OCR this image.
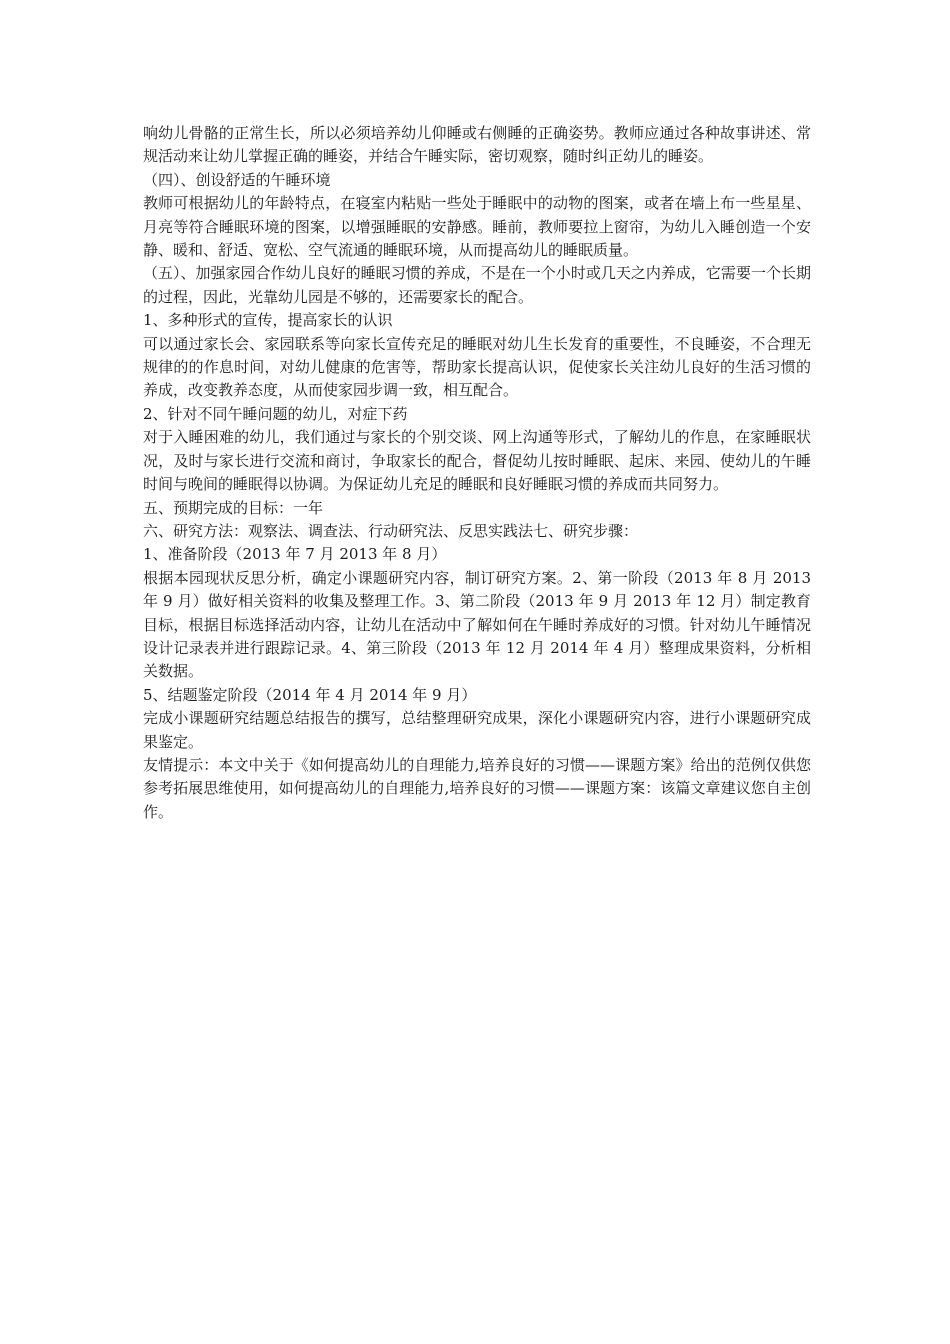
响幼儿骨骼的正常生长，所以必须培养幼儿仰睡或右侧睡的正确姿势。教师应通过各种故事讲述、常规活动来让幼儿掌握正确的睡姿，并结合午睡实际，密切观察，随时纠正幼儿的睡姿。

（四）、创设舒适的午睡环境

教师可根据幼儿的年龄特点，在寝室内粘贴一些处于睡眠中的动物的图案，或者在墙上布一些星星、月亮等符合睡眠环境的图案，以增强睡眠的安静感。睡前，教师要拉上窗帘，为幼儿入睡创造一个安静、暖和、舒适、宽松、空气流通的睡眠环境，从而提高幼儿的睡眠质量。

（五）、加强家园合作幼儿良好的睡眠习惯的养成，不是在一个小时或几天之内养成，它需要一个长期的过程，因此，光靠幼儿园是不够的，还需要家长的配合。

1、多种形式的宣传，提高家长的认识

可以通过家长会、家园联系等向家长宣传充足的睡眠对幼儿生长发育的重要性，不良睡姿，不合理无规律的的作息时间，对幼儿健康的危害等，帮助家长提高认识，促使家长关注幼儿良好的生活习惯的养成，改变教养态度，从而使家园步调一致，相互配合。

2、针对不同午睡问题的幼儿，对症下药

对于入睡困难的幼儿，我们通过与家长的个别交谈、网上沟通等形式，了解幼儿的作息，在家睡眠状况，及时与家长进行交流和商讨，争取家长的配合，督促幼儿按时睡眠、起床、来园、使幼儿的午睡时间与晚间的睡眠得以协调。为保证幼儿充足的睡眠和良好睡眠习惯的养成而共同努力。

五、预期完成的目标：一年

六、研究方法：观察法、调查法、行动研究法、反思实践法七、研究步骤：

1、准备阶段（2013 年 7 月 2013 年 8 月）

根据本园现状反思分析，确定小课题研究内容，制订研究方案。2、第一阶段（2013 年 8 月 2013 年 9 月）做好相关资料的收集及整理工作。3、第二阶段（2013 年 9 月 2013 年 12 月）制定教育目标，根据目标选择活动内容，让幼儿在活动中了解如何在午睡时养成好的习惯。针对幼儿午睡情况设计记录表并进行跟踪记录。4、第三阶段（2013 年 12 月 2014 年 4 月）整理成果资料，分析相关数据。

5、结题鉴定阶段（2014 年 4 月 2014 年 9 月）

完成小课题研究结题总结报告的撰写，总结整理研究成果，深化小课题研究内容，进行小课题研究成果鉴定。

友情提示：本文中关于《如何提高幼儿的自理能力,培养良好的习惯——课题方案》给出的范例仅供您参考拓展思维使用，如何提高幼儿的自理能力,培养良好的习惯——课题方案：该篇文章建议您自主创作。
